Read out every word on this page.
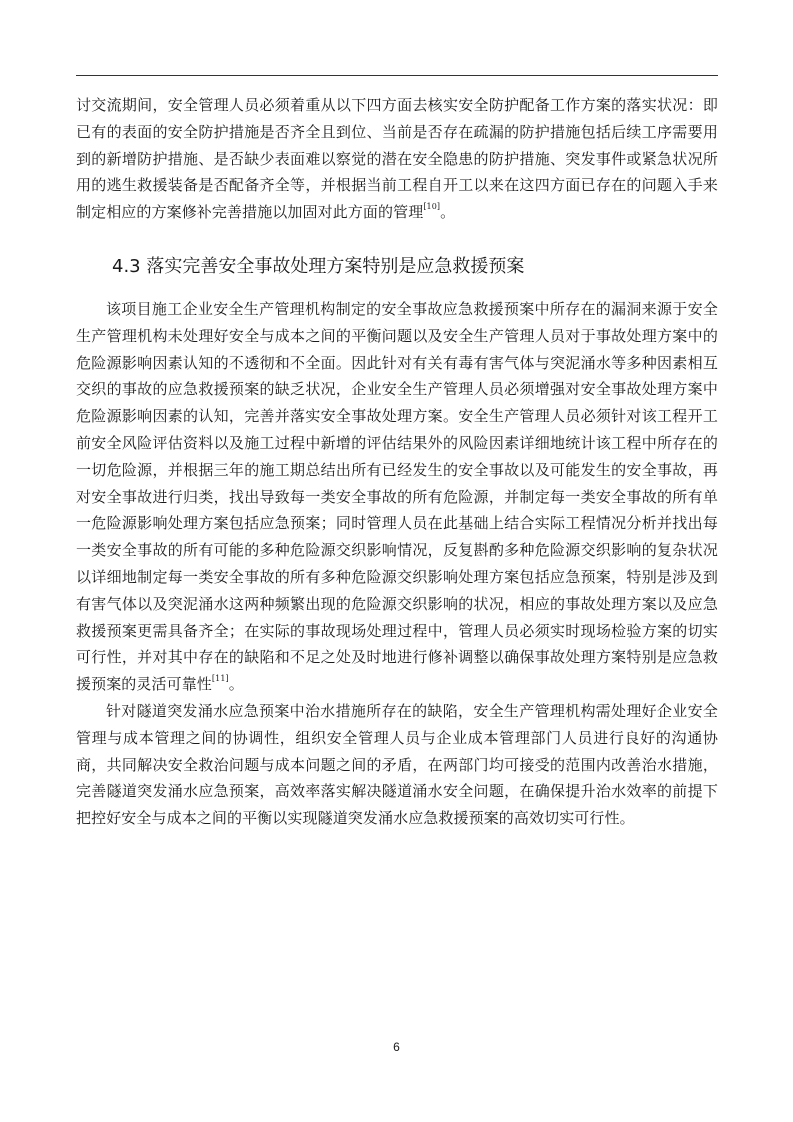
讨交流期间，安全管理人员必须着重从以下四方面去核实安全防护配备工作方案的落实状况：即已有的表面的安全防护措施是否齐全且到位、当前是否存在疏漏的防护措施包括后续工序需要用到的新增防护措施、是否缺少表面难以察觉的潜在安全隐患的防护措施、突发事件或紧急状况所用的逃生救援装备是否配备齐全等，并根据当前工程自开工以来在这四方面已存在的问题入手来制定相应的方案修补完善措施以加固对此方面的管理[10]。

4.3 落实完善安全事故处理方案特别是应急救援预案

该项目施工企业安全生产管理机构制定的安全事故应急救援预案中所存在的漏洞来源于安全生产管理机构未处理好安全与成本之间的平衡问题以及安全生产管理人员对于事故处理方案中的危险源影响因素认知的不透彻和不全面。因此针对有关有毒有害气体与突泥涌水等多种因素相互交织的事故的应急救援预案的缺乏状况，企业安全生产管理人员必须增强对安全事故处理方案中危险源影响因素的认知，完善并落实安全事故处理方案。安全生产管理人员必须针对该工程开工前安全风险评估资料以及施工过程中新增的评估结果外的风险因素详细地统计该工程中所存在的一切危险源，并根据三年的施工期总结出所有已经发生的安全事故以及可能发生的安全事故，再对安全事故进行归类，找出导致每一类安全事故的所有危险源，并制定每一类安全事故的所有单一危险源影响处理方案包括应急预案；同时管理人员在此基础上结合实际工程情况分析并找出每一类安全事故的所有可能的多种危险源交织影响情况，反复斟酌多种危险源交织影响的复杂状况以详细地制定每一类安全事故的所有多种危险源交织影响处理方案包括应急预案，特别是涉及到有害气体以及突泥涌水这两种频繁出现的危险源交织影响的状况，相应的事故处理方案以及应急救援预案更需具备齐全；在实际的事故现场处理过程中，管理人员必须实时现场检验方案的切实可行性，并对其中存在的缺陷和不足之处及时地进行修补调整以确保事故处理方案特别是应急救援预案的灵活可靠性[11]。

针对隧道突发涌水应急预案中治水措施所存在的缺陷，安全生产管理机构需处理好企业安全管理与成本管理之间的协调性，组织安全管理人员与企业成本管理部门人员进行良好的沟通协商，共同解决安全救治问题与成本问题之间的矛盾，在两部门均可接受的范围内改善治水措施，完善隧道突发涌水应急预案，高效率落实解决隧道涌水安全问题，在确保提升治水效率的前提下把控好安全与成本之间的平衡以实现隧道突发涌水应急救援预案的高效切实可行性。

6
